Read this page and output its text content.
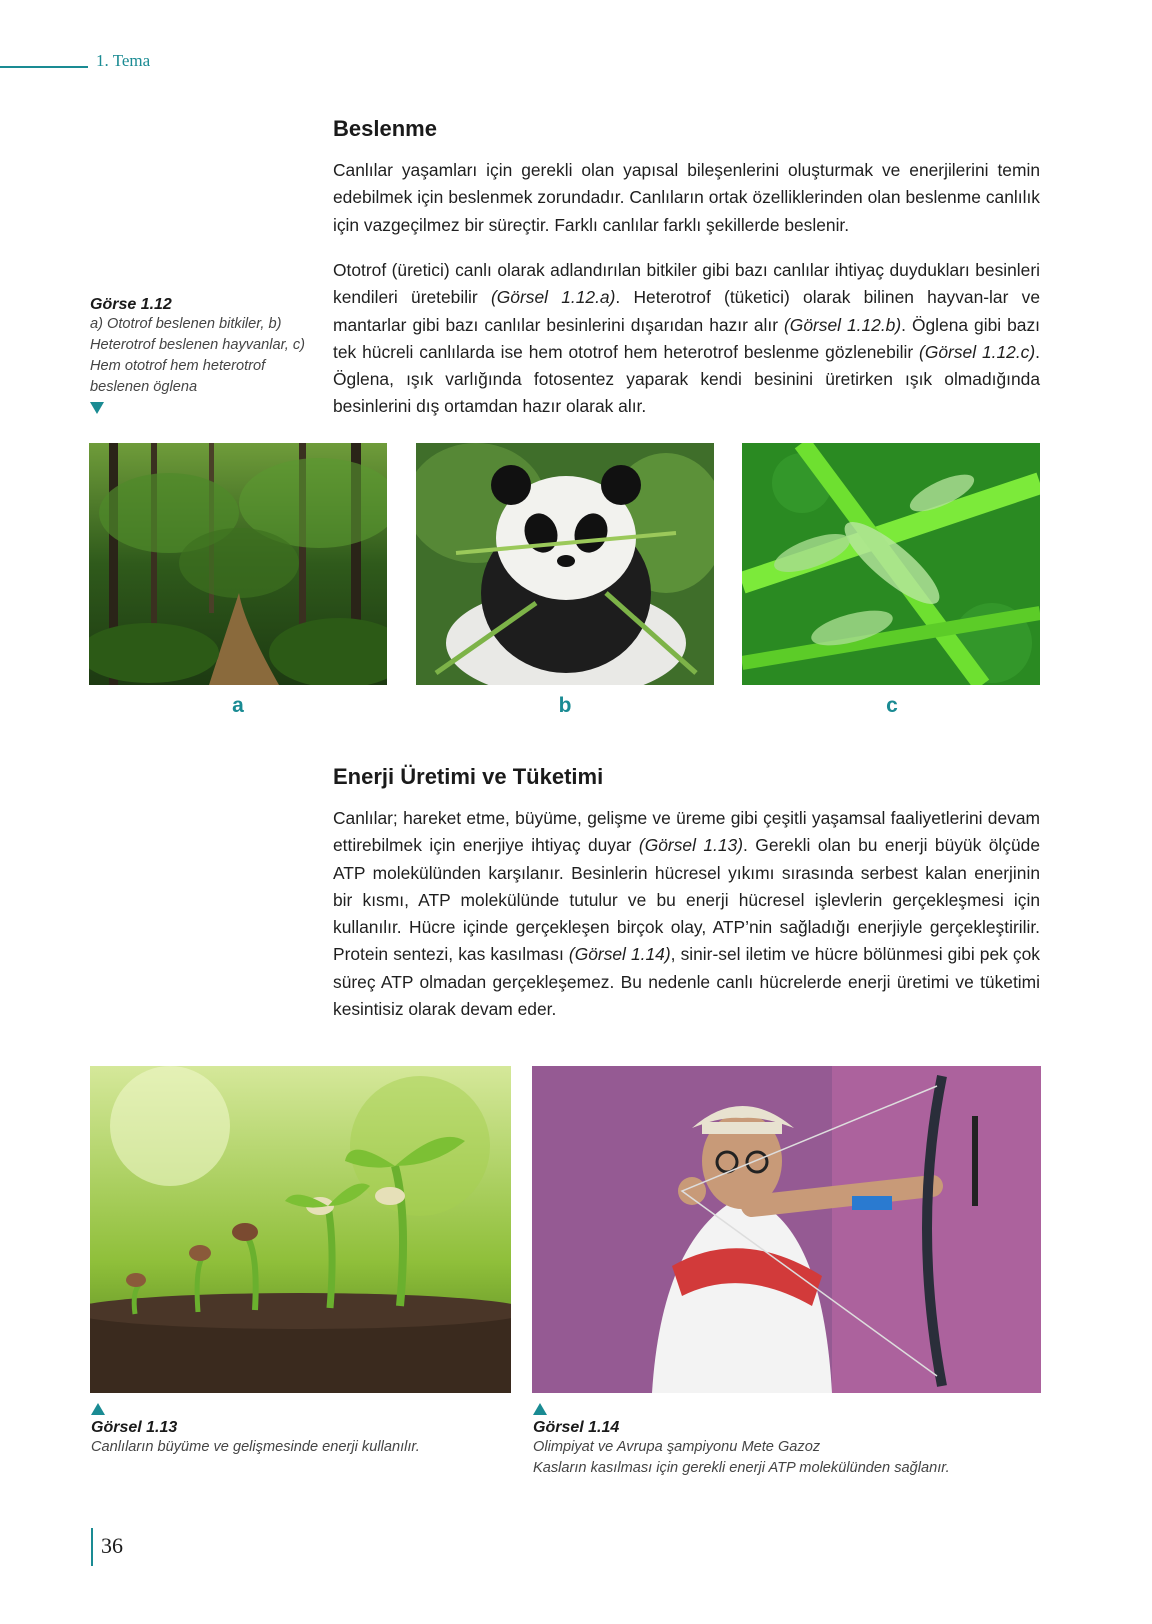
1. Tema
Beslenme

Canlılar yaşamları için gerekli olan yapısal bileşenlerini oluşturmak ve enerjilerini temin edebilmek için beslenmek zorundadır. Canlıların ortak özelliklerinden olan beslenme canlılık için vazgeçilmez bir süreçtir. Farklı canlılar farklı şekillerde beslenir.

Ototrof (üretici) canlı olarak adlandırılan bitkiler gibi bazı canlılar ihtiyaç duydukları besinleri kendileri üretebilir (Görsel 1.12.a). Heterotrof (tüketici) olarak bilinen hayvan-lar ve mantarlar gibi bazı canlılar besinlerini dışarıdan hazır alır (Görsel 1.12.b). Öglena gibi bazı tek hücreli canlılarda ise hem ototrof hem heterotrof beslenme gözlenebilir (Görsel 1.12.c). Öglena, ışık varlığında fotosentez yaparak kendi besinini üretirken ışık olmadığında besinlerini dış ortamdan hazır olarak alır.

Görse 1.12
a) Ototrof beslenen bitkiler, b) Heterotrof beslenen hayvanlar, c) Hem ototrof hem heterotrof beslenen öglena
a	b	c
Enerji Üretimi ve Tüketimi

Canlılar; hareket etme, büyüme, gelişme ve üreme gibi çeşitli yaşamsal faaliyetlerini devam ettirebilmek için enerjiye ihtiyaç duyar (Görsel 1.13). Gerekli olan bu enerji büyük ölçüde ATP molekülünden karşılanır. Besinlerin hücresel yıkımı sırasında serbest kalan enerjinin bir kısmı, ATP molekülünde tutulur ve bu enerji hücresel işlevlerin gerçekleşmesi için kullanılır. Hücre içinde gerçekleşen birçok olay, ATP’nin sağladığı enerjiyle gerçekleştirilir. Protein sentezi, kas kasılması (Görsel 1.14), sinir-sel iletim ve hücre bölünmesi gibi pek çok süreç ATP olmadan gerçekleşemez. Bu nedenle canlı hücrelerde enerji üretimi ve tüketimi kesintisiz olarak devam eder.

Görsel 1.13
Canlıların büyüme ve gelişmesinde enerji kullanılır.
Görsel 1.14
Olimpiyat ve Avrupa şampiyonu Mete Gazoz
Kasların kasılması için gerekli enerji ATP molekülünden sağlanır.
36
